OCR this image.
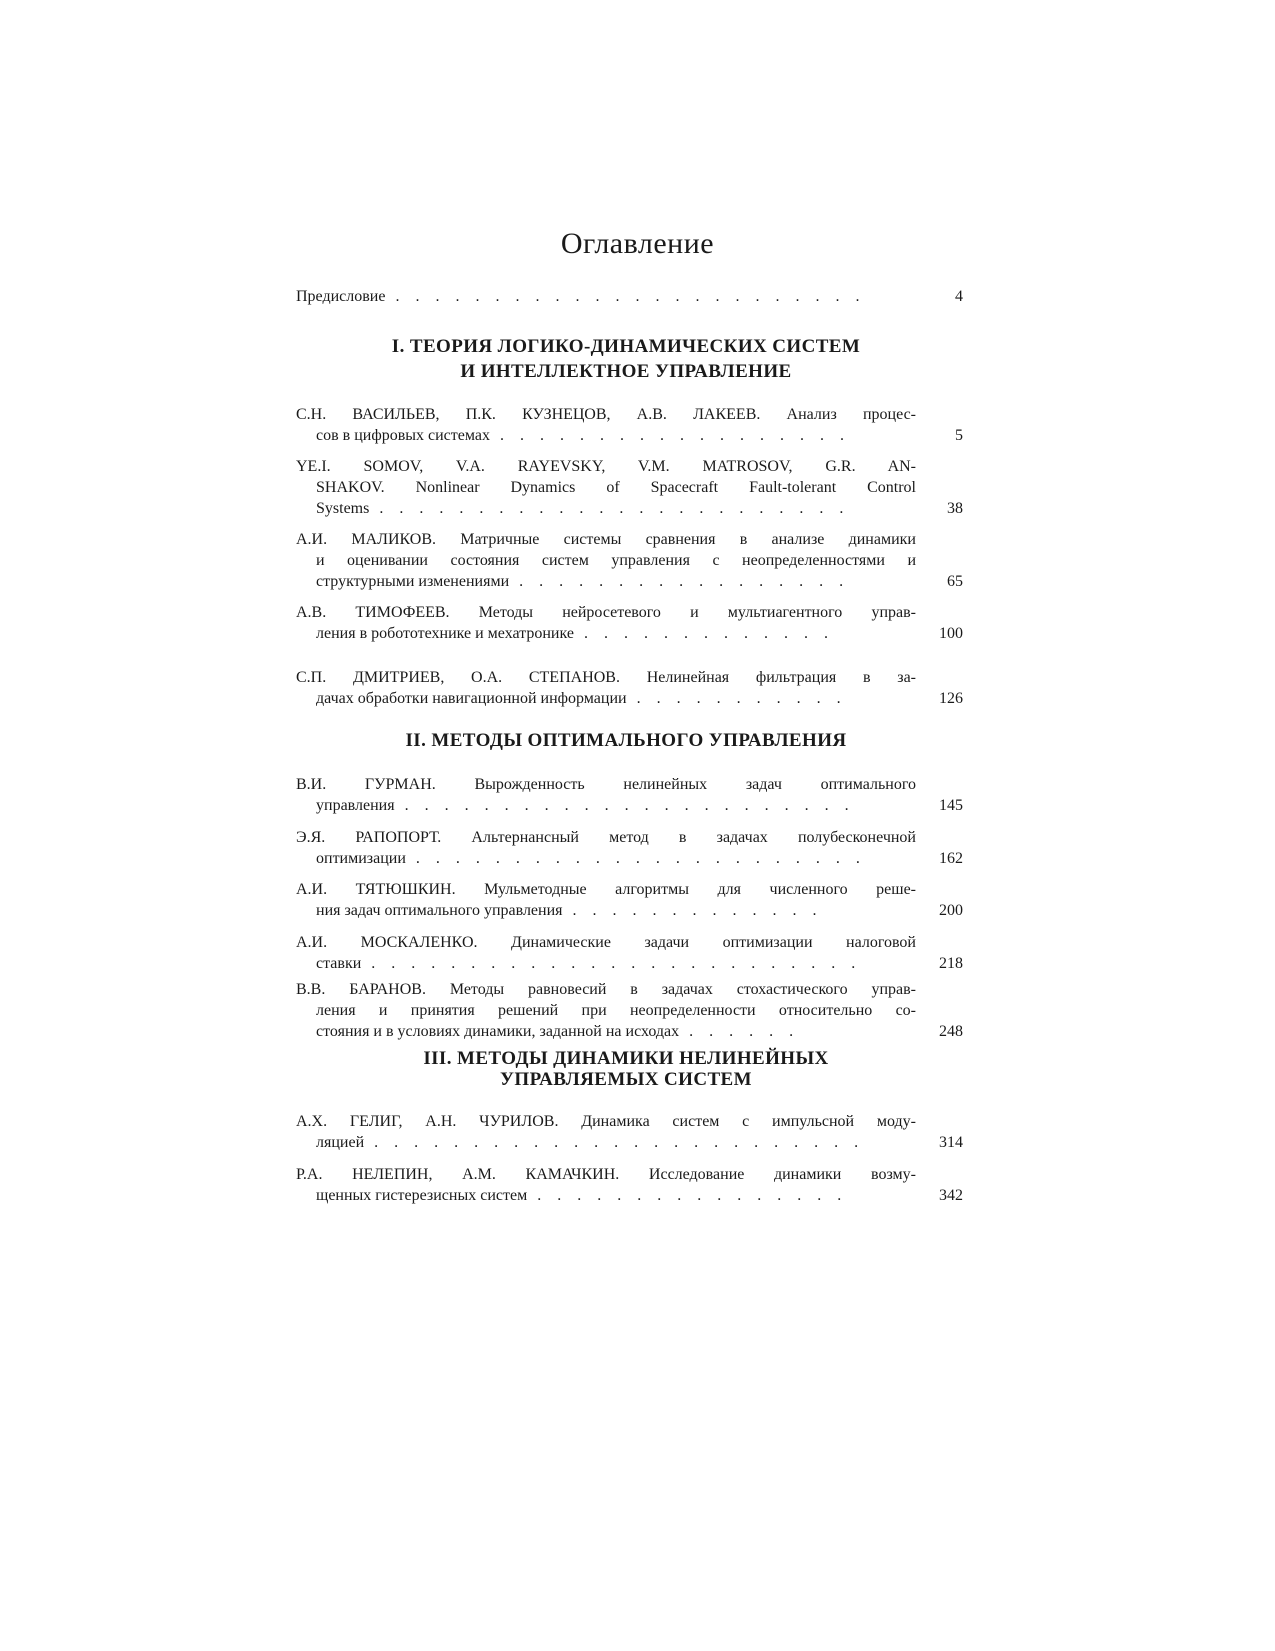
Оглавление
Предисловие . . . . . . . . . . . . . . . . . . . . . . . .	4
I. ТЕОРИЯ ЛОГИКО-ДИНАМИЧЕСКИХ СИСТЕМ
И ИНТЕЛЛЕКТНОЕ УПРАВЛЕНИЕ
С.Н. ВАСИЛЬЕВ, П.К. КУЗНЕЦОВ, А.В. ЛАКЕЕВ. Анализ процес-
сов в цифровых системах . . . . . . . . . . . . . . . . . .	5
YE.I. SOMOV, V.A. RAYEVSKY, V.M. MATROSOV, G.R. AN-
SHAKOV. Nonlinear Dynamics of Spacecraft Fault-tolerant Control
Systems . . . . . . . . . . . . . . . . . . . . . . . .	38
А.И. МАЛИКОВ. Матричные системы сравнения в анализе динамики
и оценивании состояния систем управления с неопределенностями и
структурными изменениями . . . . . . . . . . . . . . . . .	65
А.В. ТИМОФЕЕВ. Методы нейросетевого и мультиагентного управ-
ления в робототехнике и мехатронике . . . . . . . . . . . . .	100
С.П. ДМИТРИЕВ, О.А. СТЕПАНОВ. Нелинейная фильтрация в за-
дачах обработки навигационной информации . . . . . . . . . . .	126
II. МЕТОДЫ ОПТИМАЛЬНОГО УПРАВЛЕНИЯ
В.И. ГУРМАН. Вырожденность нелинейных задач оптимального
управления . . . . . . . . . . . . . . . . . . . . . . .	145
Э.Я. РАПОПОРТ. Альтернансный метод в задачах полубесконечной
оптимизации . . . . . . . . . . . . . . . . . . . . . . .	162
А.И. ТЯТЮШКИН. Мульметодные алгоритмы для численного реше-
ния задач оптимального управления . . . . . . . . . . . . .	200
А.И. МОСКАЛЕНКО. Динамические задачи оптимизации налоговой
ставки . . . . . . . . . . . . . . . . . . . . . . . . .	218
В.В. БАРАНОВ. Методы равновесий в задачах стохастического управ-
ления и принятия решений при неопределенности относительно со-
стояния и в условиях динамики, заданной на исходах . . . . . .	248
III. МЕТОДЫ ДИНАМИКИ НЕЛИНЕЙНЫХ
УПРАВЛЯЕМЫХ СИСТЕМ
А.Х. ГЕЛИГ, А.Н. ЧУРИЛОВ. Динамика систем с импульсной моду-
ляцией . . . . . . . . . . . . . . . . . . . . . . . . .	314
Р.А. НЕЛЕПИН, А.М. КАМАЧКИН. Исследование динамики возму-
щенных гистерезисных систем . . . . . . . . . . . . . . . .	342
